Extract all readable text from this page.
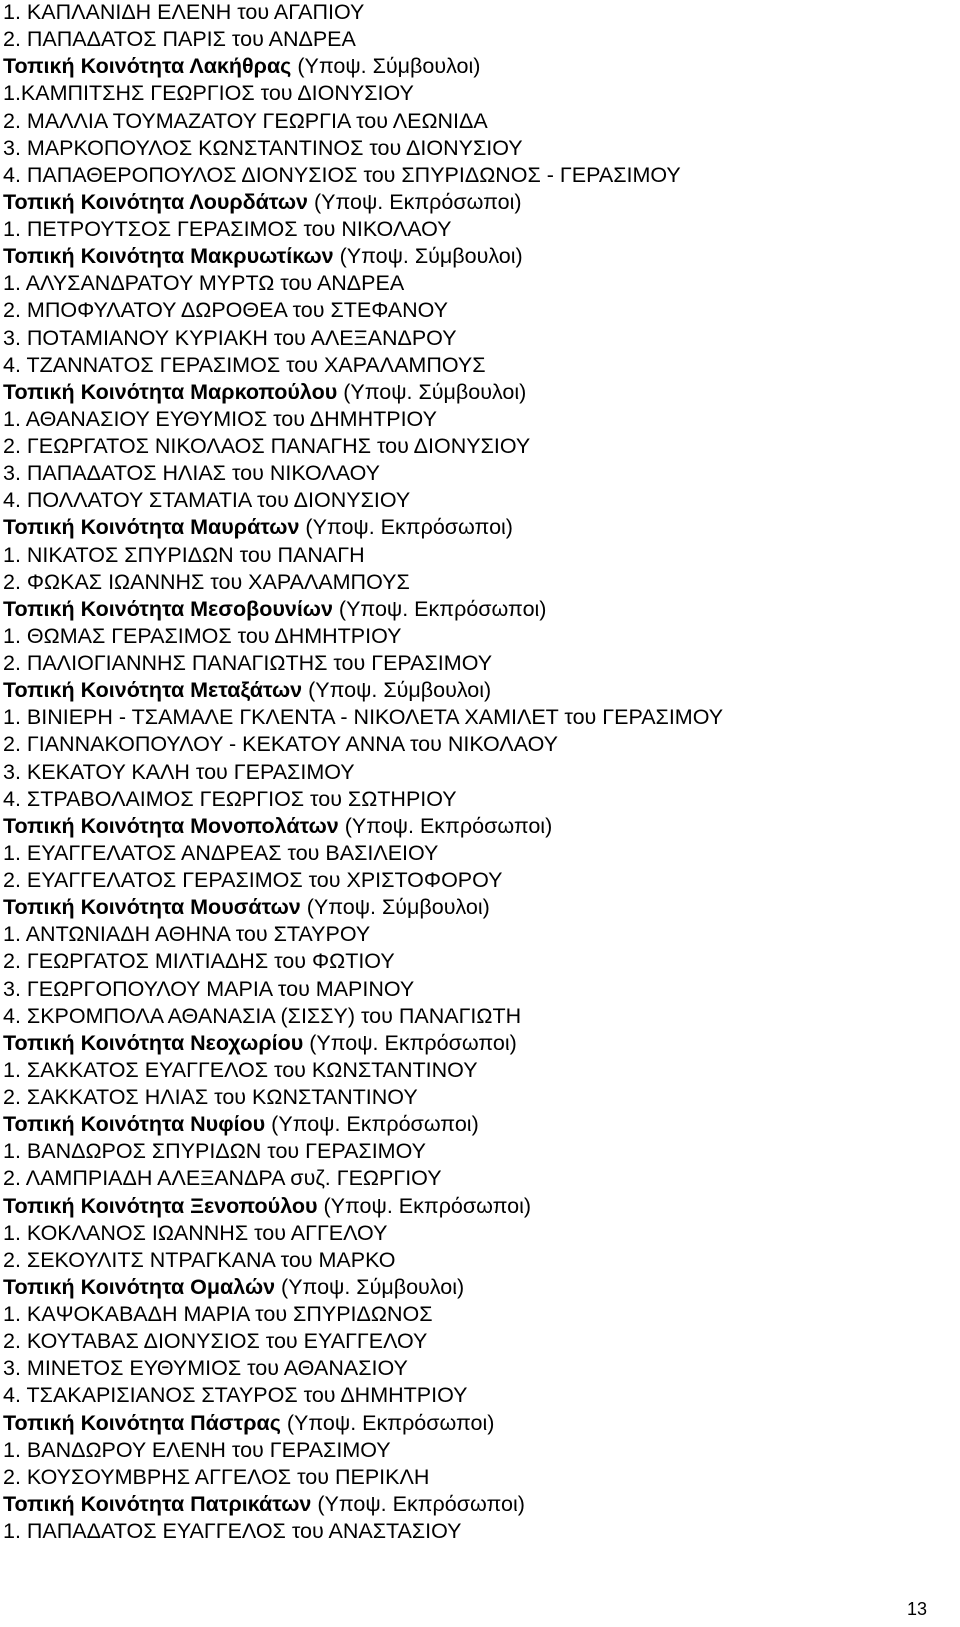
1. ΚΑΠΛΑΝΙΔΗ ΕΛΕΝΗ του ΑΓΑΠΙΟΥ
2. ΠΑΠΑΔΑΤΟΣ ΠΑΡΙΣ του ΑΝΔΡΕΑ
Τοπική Κοινότητα Λακήθρας (Υποψ. Σύμβουλοι)
1.ΚΑΜΠΙΤΣΗΣ ΓΕΩΡΓΙΟΣ του ΔΙΟΝΥΣΙΟΥ
2. ΜΑΛΛΙΑ ΤΟΥΜΑΖΑΤΟΥ ΓΕΩΡΓΙΑ του ΛΕΩΝΙΔΑ
3. ΜΑΡΚΟΠΟΥΛΟΣ ΚΩΝΣΤΑΝΤΙΝΟΣ του ΔΙΟΝΥΣΙΟΥ
4. ΠΑΠΑΘΕΡΟΠΟΥΛΟΣ ΔΙΟΝΥΣΙΟΣ του ΣΠΥΡΙΔΩΝΟΣ - ΓΕΡΑΣΙΜΟΥ
Τοπική Κοινότητα Λουρδάτων (Υποψ. Εκπρόσωποι)
1. ΠΕΤΡΟΥΤΣΟΣ ΓΕΡΑΣΙΜΟΣ του ΝΙΚΟΛΑΟΥ
Τοπική Κοινότητα Μακρυωτίκων (Υποψ. Σύμβουλοι)
1. ΑΛΥΣΑΝΔΡΑΤΟΥ ΜΥΡΤΩ του ΑΝΔΡΕΑ
2. ΜΠΟΦΥΛΑΤΟΥ ΔΩΡΟΘΕΑ του ΣΤΕΦΑΝΟΥ
3. ΠΟΤΑΜΙΑΝΟΥ ΚΥΡΙΑΚΗ του ΑΛΕΞΑΝΔΡΟΥ
4. ΤΖΑΝΝΑΤΟΣ ΓΕΡΑΣΙΜΟΣ του ΧΑΡΑΛΑΜΠΟΥΣ
Τοπική Κοινότητα Μαρκοπούλου (Υποψ. Σύμβουλοι)
1. ΑΘΑΝΑΣΙΟΥ ΕΥΘΥΜΙΟΣ του ΔΗΜΗΤΡΙΟΥ
2. ΓΕΩΡΓΑΤΟΣ ΝΙΚΟΛΑΟΣ ΠΑΝΑΓΗΣ του ΔΙΟΝΥΣΙΟΥ
3. ΠΑΠΑΔΑΤΟΣ ΗΛΙΑΣ του ΝΙΚΟΛΑΟΥ
4. ΠΟΛΛΑΤΟΥ ΣΤΑΜΑΤΙΑ του ΔΙΟΝΥΣΙΟΥ
Τοπική Κοινότητα Μαυράτων (Υποψ. Εκπρόσωποι)
1. ΝΙΚΑΤΟΣ ΣΠΥΡΙΔΩΝ του ΠΑΝΑΓΗ
2. ΦΩΚΑΣ ΙΩΑΝΝΗΣ του ΧΑΡΑΛΑΜΠΟΥΣ
Τοπική Κοινότητα Μεσοβουνίων (Υποψ. Εκπρόσωποι)
1. ΘΩΜΑΣ ΓΕΡΑΣΙΜΟΣ του ΔΗΜΗΤΡΙΟΥ
2. ΠΑΛΙΟΓΙΑΝΝΗΣ ΠΑΝΑΓΙΩΤΗΣ του ΓΕΡΑΣΙΜΟΥ
Τοπική Κοινότητα Μεταξάτων (Υποψ. Σύμβουλοι)
1. ΒΙΝΙΕΡΗ - ΤΣΑΜΑΛΕ ΓΚΛΕΝΤΑ - ΝΙΚΟΛΕΤΑ ΧΑΜΙΛΕΤ του ΓΕΡΑΣΙΜΟΥ
2. ΓΙΑΝΝΑΚΟΠΟΥΛΟΥ - ΚΕΚΑΤΟΥ ΑΝΝΑ του ΝΙΚΟΛΑΟΥ
3. ΚΕΚΑΤΟΥ ΚΑΛΗ του ΓΕΡΑΣΙΜΟΥ
4. ΣΤΡΑΒΟΛΑΙΜΟΣ ΓΕΩΡΓΙΟΣ του ΣΩΤΗΡΙΟΥ
Τοπική Κοινότητα Μονοπολάτων (Υποψ. Εκπρόσωποι)
1. ΕΥΑΓΓΕΛΑΤΟΣ ΑΝΔΡΕΑΣ του ΒΑΣΙΛΕΙΟΥ
2. ΕΥΑΓΓΕΛΑΤΟΣ ΓΕΡΑΣΙΜΟΣ του ΧΡΙΣΤΟΦΟΡΟΥ
Τοπική Κοινότητα Μουσάτων (Υποψ. Σύμβουλοι)
1. ΑΝΤΩΝΙΑΔΗ ΑΘΗΝΑ του ΣΤΑΥΡΟΥ
2. ΓΕΩΡΓΑΤΟΣ ΜΙΛΤΙΑΔΗΣ του ΦΩΤΙΟΥ
3. ΓΕΩΡΓΟΠΟΥΛΟΥ ΜΑΡΙΑ του ΜΑΡΙΝΟΥ
4. ΣΚΡΟΜΠΟΛΑ ΑΘΑΝΑΣΙΑ (ΣΙΣΣΥ) του ΠΑΝΑΓΙΩΤΗ
Τοπική Κοινότητα Νεοχωρίου (Υποψ. Εκπρόσωποι)
1. ΣΑΚΚΑΤΟΣ ΕΥΑΓΓΕΛΟΣ του ΚΩΝΣΤΑΝΤΙΝΟΥ
2. ΣΑΚΚΑΤΟΣ ΗΛΙΑΣ του ΚΩΝΣΤΑΝΤΙΝΟΥ
Τοπική Κοινότητα Νυφίου (Υποψ. Εκπρόσωποι)
1. ΒΑΝΔΩΡΟΣ ΣΠΥΡΙΔΩΝ του ΓΕΡΑΣΙΜΟΥ
2. ΛΑΜΠΡΙΑΔΗ ΑΛΕΞΑΝΔΡΑ συζ. ΓΕΩΡΓΙΟΥ
Τοπική Κοινότητα Ξενοπούλου (Υποψ. Εκπρόσωποι)
1. ΚΟΚΛΑΝΟΣ ΙΩΑΝΝΗΣ του ΑΓΓΕΛΟΥ
2. ΣΕΚΟΥΛΙΤΣ ΝΤΡΑΓΚΑΝΑ του ΜΑΡΚΟ
Τοπική Κοινότητα Ομαλών (Υποψ. Σύμβουλοι)
1. ΚΑΨΟΚΑΒΑΔΗ ΜΑΡΙΑ του ΣΠΥΡΙΔΩΝΟΣ
2. ΚΟΥΤΑΒΑΣ ΔΙΟΝΥΣΙΟΣ του ΕΥΑΓΓΕΛΟΥ
3. ΜΙΝΕΤΟΣ ΕΥΘΥΜΙΟΣ του ΑΘΑΝΑΣΙΟΥ
4. ΤΣΑΚΑΡΙΣΙΑΝΟΣ ΣΤΑΥΡΟΣ του ΔΗΜΗΤΡΙΟΥ
Τοπική Κοινότητα Πάστρας (Υποψ. Εκπρόσωποι)
1. ΒΑΝΔΩΡΟΥ ΕΛΕΝΗ του ΓΕΡΑΣΙΜΟΥ
2. ΚΟΥΣΟΥΜΒΡΗΣ ΑΓΓΕΛΟΣ του ΠΕΡΙΚΛΗ
Τοπική Κοινότητα Πατρικάτων (Υποψ. Εκπρόσωποι)
1. ΠΑΠΑΔΑΤΟΣ ΕΥΑΓΓΕΛΟΣ του ΑΝΑΣΤΑΣΙΟΥ
13
